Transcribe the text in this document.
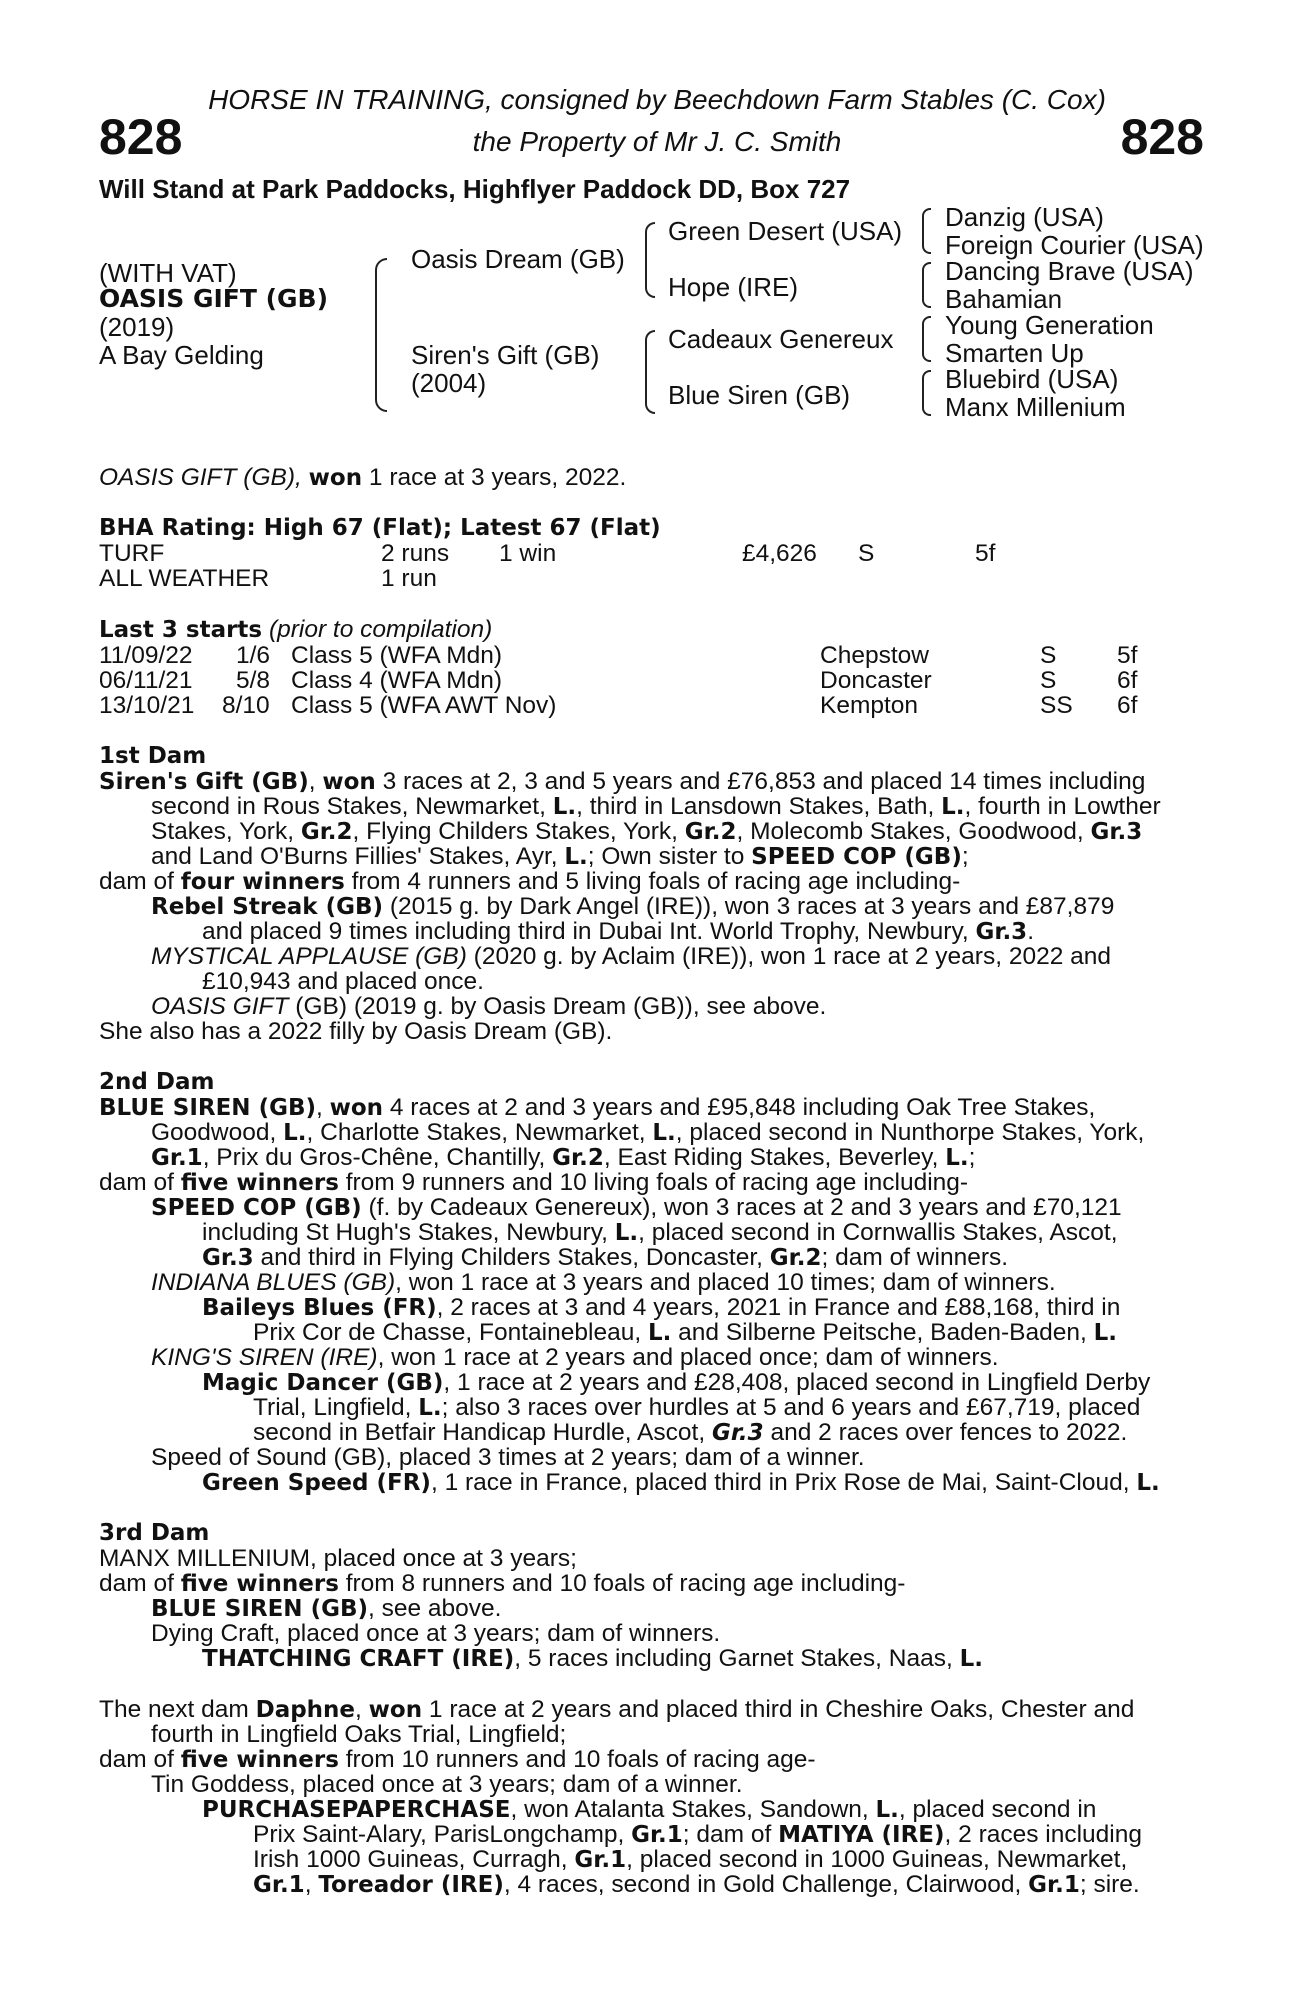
828	828
HORSE IN TRAINING, consigned by Beechdown Farm Stables (C. Cox)
the Property of Mr J. C. Smith
Will Stand at Park Paddocks, Highflyer Paddock DD, Box 727
(WITH VAT)
OASIS GIFT (GB)
(2019)
A Bay Gelding
Oasis Dream (GB)
Siren's Gift (GB)
(2004)
Green Desert (USA)
Hope (IRE)
Cadeaux Genereux
Blue Siren (GB)
Danzig (USA)
Foreign Courier (USA)
Dancing Brave (USA)
Bahamian
Young Generation
Smarten Up
Bluebird (USA)
Manx Millenium
OASIS GIFT (GB), won 1 race at 3 years, 2022.
BHA Rating: High 67 (Flat); Latest 67 (Flat)
TURF	2 runs 1 win	£4,626 S	5f
ALL WEATHER	1 run
Last 3 starts (prior to compilation)
11/09/22 1/6 Class 5 (WFA Mdn)	Chepstow	S 5f
06/11/21 5/8 Class 4 (WFA Mdn)	Doncaster	S 6f
13/10/21 8/10 Class 5 (WFA AWT Nov)	Kempton	SS 6f
1st Dam
Siren's Gift (GB), won 3 races at 2, 3 and 5 years and £76,853 and placed 14 times including
second in Rous Stakes, Newmarket, L., third in Lansdown Stakes, Bath, L., fourth in Lowther
Stakes, York, Gr.2, Flying Childers Stakes, York, Gr.2, Molecomb Stakes, Goodwood, Gr.3
and Land O'Burns Fillies' Stakes, Ayr, L.; Own sister to SPEED COP (GB);
dam of four winners from 4 runners and 5 living foals of racing age including-
Rebel Streak (GB) (2015 g. by Dark Angel (IRE)), won 3 races at 3 years and £87,879
and placed 9 times including third in Dubai Int. World Trophy, Newbury, Gr.3.
MYSTICAL APPLAUSE (GB) (2020 g. by Aclaim (IRE)), won 1 race at 2 years, 2022 and
£10,943 and placed once.
OASIS GIFT (GB) (2019 g. by Oasis Dream (GB)), see above.
She also has a 2022 filly by Oasis Dream (GB).
2nd Dam
BLUE SIREN (GB), won 4 races at 2 and 3 years and £95,848 including Oak Tree Stakes,
Goodwood, L., Charlotte Stakes, Newmarket, L., placed second in Nunthorpe Stakes, York,
Gr.1, Prix du Gros-Chêne, Chantilly, Gr.2, East Riding Stakes, Beverley, L.;
dam of five winners from 9 runners and 10 living foals of racing age including-
SPEED COP (GB) (f. by Cadeaux Genereux), won 3 races at 2 and 3 years and £70,121
including St Hugh's Stakes, Newbury, L., placed second in Cornwallis Stakes, Ascot,
Gr.3 and third in Flying Childers Stakes, Doncaster, Gr.2; dam of winners.
INDIANA BLUES (GB), won 1 race at 3 years and placed 10 times; dam of winners.
Baileys Blues (FR), 2 races at 3 and 4 years, 2021 in France and £88,168, third in
Prix Cor de Chasse, Fontainebleau, L. and Silberne Peitsche, Baden-Baden, L.
KING'S SIREN (IRE), won 1 race at 2 years and placed once; dam of winners.
Magic Dancer (GB), 1 race at 2 years and £28,408, placed second in Lingfield Derby
Trial, Lingfield, L.; also 3 races over hurdles at 5 and 6 years and £67,719, placed
second in Betfair Handicap Hurdle, Ascot, Gr.3 and 2 races over fences to 2022.
Speed of Sound (GB), placed 3 times at 2 years; dam of a winner.
Green Speed (FR), 1 race in France, placed third in Prix Rose de Mai, Saint-Cloud, L.
3rd Dam
MANX MILLENIUM, placed once at 3 years;
dam of five winners from 8 runners and 10 foals of racing age including-
BLUE SIREN (GB), see above.
Dying Craft, placed once at 3 years; dam of winners.
THATCHING CRAFT (IRE), 5 races including Garnet Stakes, Naas, L.
The next dam Daphne, won 1 race at 2 years and placed third in Cheshire Oaks, Chester and
fourth in Lingfield Oaks Trial, Lingfield;
dam of five winners from 10 runners and 10 foals of racing age-
Tin Goddess, placed once at 3 years; dam of a winner.
PURCHASEPAPERCHASE, won Atalanta Stakes, Sandown, L., placed second in
Prix Saint-Alary, ParisLongchamp, Gr.1; dam of MATIYA (IRE), 2 races including
Irish 1000 Guineas, Curragh, Gr.1, placed second in 1000 Guineas, Newmarket,
Gr.1, Toreador (IRE), 4 races, second in Gold Challenge, Clairwood, Gr.1; sire.
